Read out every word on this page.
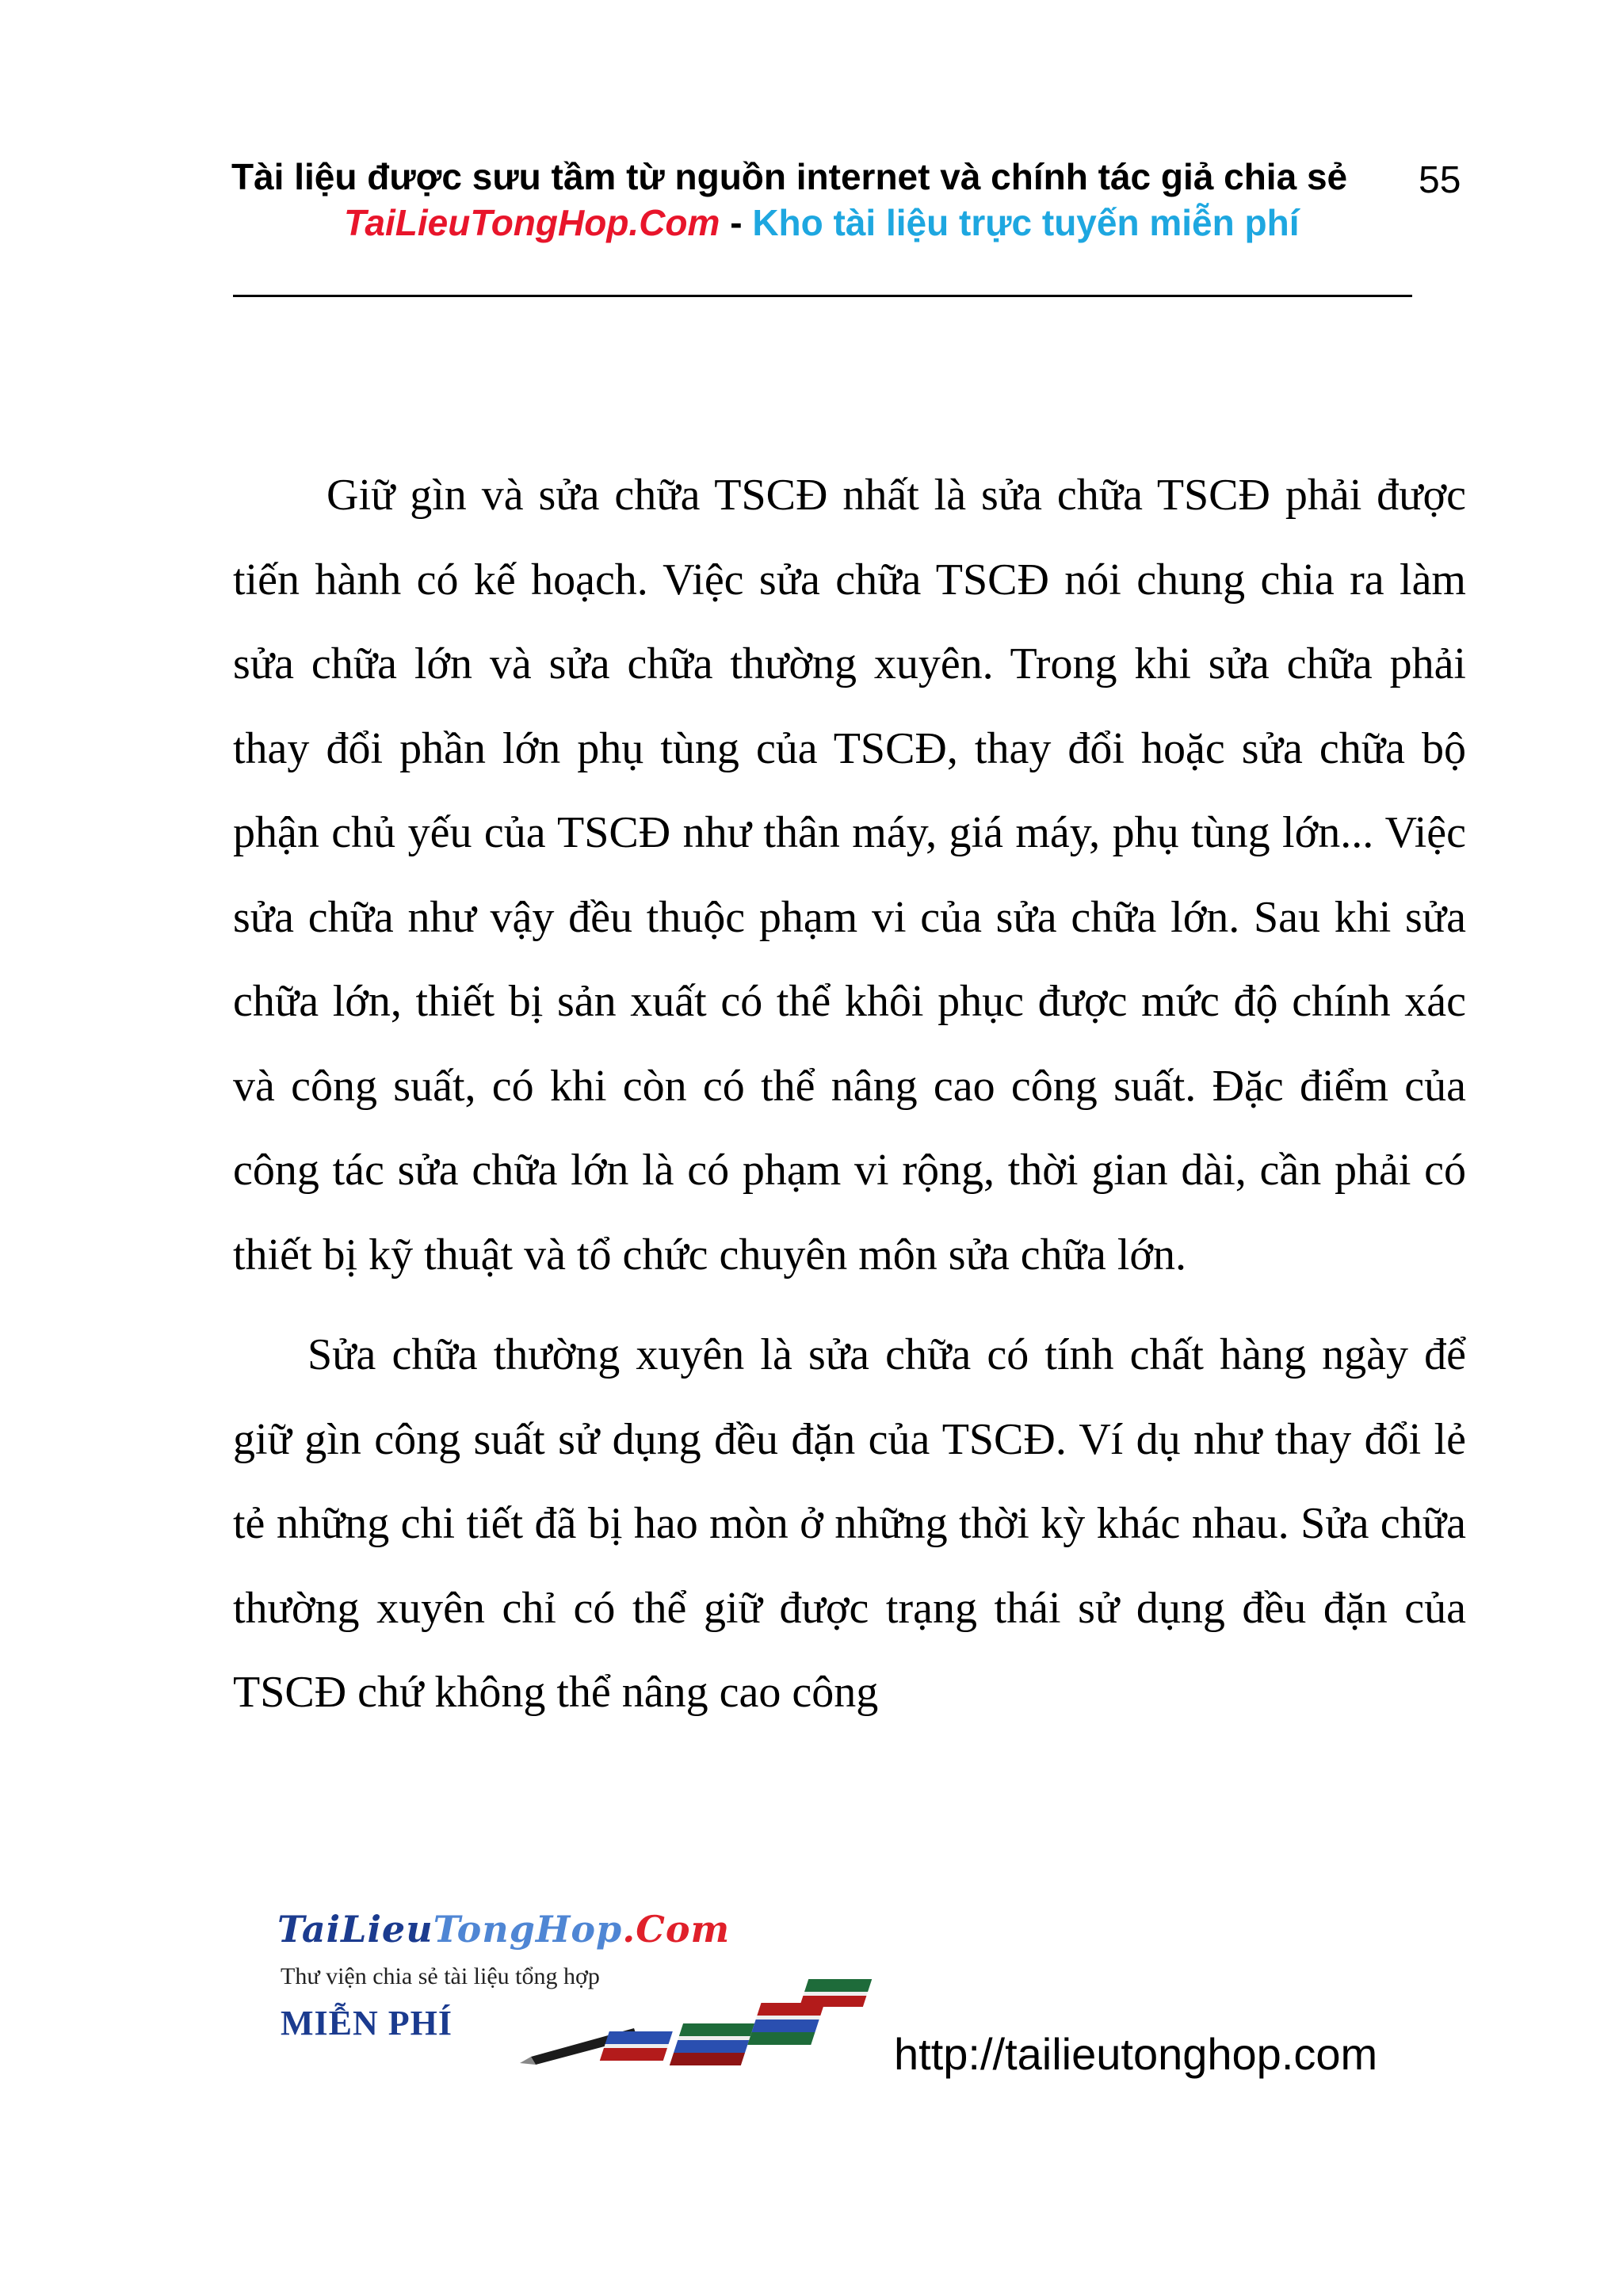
Tài liệu được sưu tầm từ nguồn internet và chính tác giả chia sẻ	55
TaiLieuTongHop.Com - Kho tài liệu trực tuyến miễn phí

Giữ gìn và sửa chữa TSCĐ nhất là sửa chữa TSCĐ phải được tiến hành có kế hoạch. Việc sửa chữa TSCĐ nói chung chia ra làm sửa chữa lớn và sửa chữa thường xuyên. Trong khi sửa chữa phải thay đổi phần lớn phụ tùng của TSCĐ, thay đổi hoặc sửa chữa bộ phận chủ yếu của TSCĐ như thân máy, giá máy, phụ tùng lớn... Việc sửa chữa như vậy đều thuộc phạm vi của sửa chữa lớn. Sau khi sửa chữa lớn, thiết bị sản xuất có thể khôi phục được mức độ chính xác và công suất, có khi còn có thể nâng cao công suất. Đặc điểm của công tác sửa chữa lớn là có phạm vi rộng, thời gian dài, cần phải có thiết bị kỹ thuật và tổ chức chuyên môn sửa chữa lớn.

Sửa chữa thường xuyên là sửa chữa có tính chất hàng ngày để giữ gìn công suất sử dụng đều đặn của TSCĐ. Ví dụ như thay đổi lẻ tẻ những chi tiết đã bị hao mòn ở những thời kỳ khác nhau. Sửa chữa thường xuyên chỉ có thể giữ được trạng thái sử dụng đều đặn của TSCĐ chứ không thể nâng cao công

TaiLieuTongHop.Com
Thư viện chia sẻ tài liệu tổng hợp
MIỄN PHÍ
http://tailieutonghop.com
